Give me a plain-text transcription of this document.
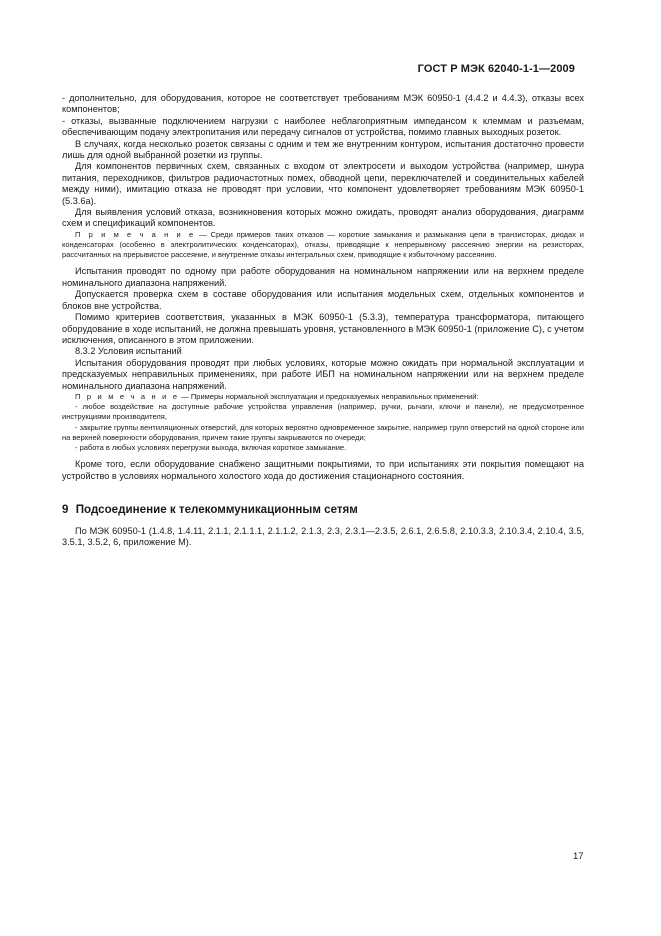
ГОСТ Р МЭК 62040-1-1—2009

- дополнительно, для оборудования, которое не соответствует требованиям МЭК 60950-1 (4.4.2 и 4.4.3), отказы всех компонентов;

- отказы, вызванные подключением нагрузки с наиболее неблагоприятным импедансом к клеммам и разъемам, обеспечивающим подачу электропитания или передачу сигналов от устройства, помимо главных выходных розеток.

В случаях, когда несколько розеток связаны с одним и тем же внутренним контуром, испытания достаточно провести лишь для одной выбранной розетки из группы.

Для компонентов первичных схем, связанных с входом от электросети и выходом устройства (например, шнура питания, переходников, фильтров радиочастотных помех, обводной цепи, переключателей и соединительных кабелей между ними), имитацию отказа не проводят при условии, что компонент удовлетворяет требованиям МЭК 60950-1 (5.3.6а).

Для выявления условий отказа, возникновения которых можно ожидать, проводят анализ оборудования, диаграмм схем и спецификаций компонентов.

П р и м е ч а н и е — Среди примеров таких отказов — короткие замыкания и размыкания цепи в транзисторах, диодах и конденсаторах (особенно в электролитических конденсаторах), отказы, приводящие к непрерывному рассеянию энергии на резисторах, рассчитанных на прерывистое рассеяние, и внутренние отказы интегральных схем, приводящие к избыточному рассеянию.

Испытания проводят по одному при работе оборудования на номинальном напряжении или на верхнем пределе номинального диапазона напряжений.

Допускается проверка схем в составе оборудования или испытания модельных схем, отдельных компонентов и блоков вне устройства.

Помимо критериев соответствия, указанных в МЭК 60950-1 (5.3.3), температура трансформатора, питающего оборудование в ходе испытаний, не должна превышать уровня, установленного в МЭК 60950-1 (приложение С), с учетом исключения, описанного в этом приложении.

8.3.2 Условия испытаний

Испытания оборудования проводят при любых условиях, которые можно ожидать при нормальной эксплуатации и предсказуемых неправильных применениях, при работе ИБП на номинальном напряжении или на верхнем пределе номинального диапазона напряжений.

П р и м е ч а н и е — Примеры нормальной эксплуатации и предсказуемых неправильных применений:

- любое воздействие на доступные рабочие устройства управления (например, ручки, рычаги, ключи и панели), не предусмотренное инструкциями производителя,

- закрытие группы вентиляционных отверстий, для которых вероятно одновременное закрытие, например групп отверстий на одной стороне или на верхней поверхности оборудования, причем такие группы закрываются по очереди;

- работа в любых условиях перегрузки выхода, включая короткое замыкание.

Кроме того, если оборудование снабжено защитными покрытиями, то при испытаниях эти покрытия помещают на устройство в условиях нормального холостого хода до достижения стационарного состояния.

9 Подсоединение к телекоммуникационным сетям

По МЭК 60950-1 (1.4.8, 1.4.11, 2.1.1, 2.1.1.1, 2.1.1.2, 2.1.3, 2.3, 2.3.1—2.3.5, 2.6.1, 2.6.5.8, 2.10.3.3, 2.10.3.4, 2.10.4, 3.5, 3.5.1, 3.5.2, 6, приложение М).

17
